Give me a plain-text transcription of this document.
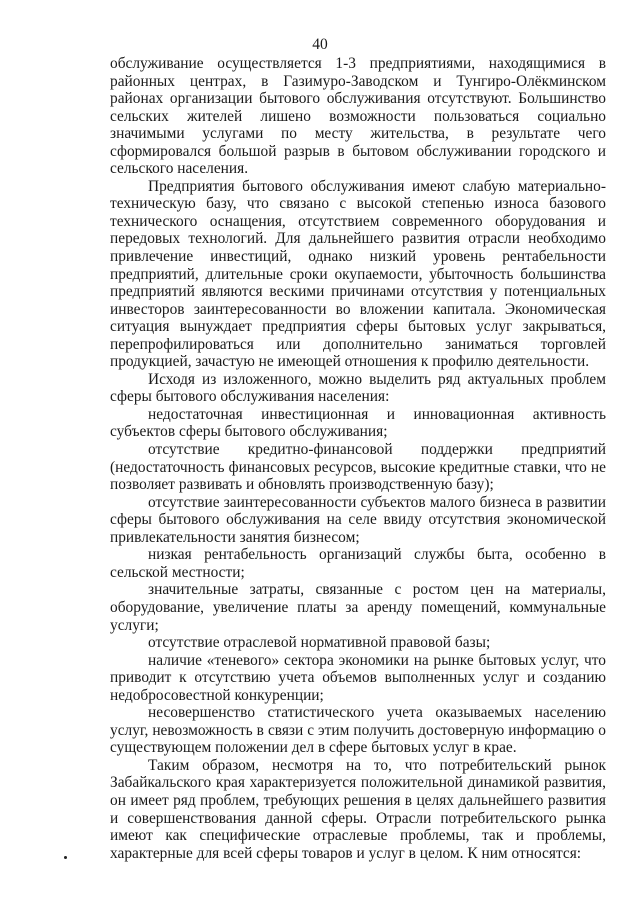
40

обслуживание осуществляется 1-3 предприятиями, находящимися в районных центрах, в Газимуро-Заводском и Тунгиро-Олёкминском районах организации бытового обслуживания отсутствуют. Большинство сельских жителей лишено возможности пользоваться социально значимыми услугами по месту жительства, в результате чего сформировался большой разрыв в бытовом обслуживании городского и сельского населения.

Предприятия бытового обслуживания имеют слабую материально-техническую базу, что связано с высокой степенью износа базового технического оснащения, отсутствием современного оборудования и передовых технологий. Для дальнейшего развития отрасли необходимо привлечение инвестиций, однако низкий уровень рентабельности предприятий, длительные сроки окупаемости, убыточность большинства предприятий являются вескими причинами отсутствия у потенциальных инвесторов заинтересованности во вложении капитала. Экономическая ситуация вынуждает предприятия сферы бытовых услуг закрываться, перепрофилироваться или дополнительно заниматься торговлей продукцией, зачастую не имеющей отношения к профилю деятельности.

Исходя из изложенного, можно выделить ряд актуальных проблем сферы бытового обслуживания населения:

недостаточная инвестиционная и инновационная активность субъектов сферы бытового обслуживания;

отсутствие кредитно-финансовой поддержки предприятий (недостаточность финансовых ресурсов, высокие кредитные ставки, что не позволяет развивать и обновлять производственную базу);

отсутствие заинтересованности субъектов малого бизнеса в развитии сферы бытового обслуживания на селе ввиду отсутствия экономической привлекательности занятия бизнесом;

низкая рентабельность организаций службы быта, особенно в сельской местности;

значительные затраты, связанные с ростом цен на материалы, оборудование, увеличение платы за аренду помещений, коммунальные услуги;

отсутствие отраслевой нормативной правовой базы;

наличие «теневого» сектора экономики на рынке бытовых услуг, что приводит к отсутствию учета объемов выполненных услуг и созданию недобросовестной конкуренции;

несовершенство статистического учета оказываемых населению услуг, невозможность в связи с этим получить достоверную информацию о существующем положении дел в сфере бытовых услуг в крае.

Таким образом, несмотря на то, что потребительский рынок Забайкальского края характеризуется положительной динамикой развития, он имеет ряд проблем, требующих решения в целях дальнейшего развития и совершенствования данной сферы. Отрасли потребительского рынка имеют как специфические отраслевые проблемы, так и проблемы, характерные для всей сферы товаров и услуг в целом. К ним относятся:
